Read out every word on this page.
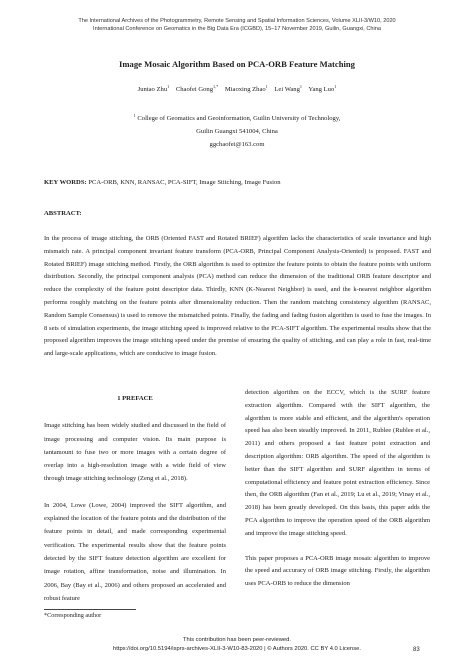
The International Archives of the Photogrammetry, Remote Sensing and Spatial Information Sciences, Volume XLII-3/W10, 2020
International Conference on Geomatics in the Big Data Era (ICGBD), 15–17 November 2019, Guilin, Guangxi, China
Image Mosaic Algorithm Based on PCA-ORB Feature Matching
Juntao Zhu$^1$ Chaofei Gong$^{1,*}$ Miaoxing Zhao$^1$ Lei Wang$^1$ Yang Luo$^1$
$^1$ College of Geomatics and Geoinformation, Guilin University of Technology,
Guilin Guangxi 541004, China
ggchaofei@163.com
KEY WORDS: PCA-ORB, KNN, RANSAC, PCA-SIFT, Image Stitching, Image Fusion
ABSTRACT:

In the process of image stitching, the ORB (Oriented FAST and Rotated BRIEF) algorithm lacks the characteristics of scale invariance and high mismatch rate. A principal component invariant feature transform (PCA-ORB, Principal Component Analysis-Oriented) is proposed. FAST and Rotated BRIEF) image stitching method. Firstly, the ORB algorithm is used to optimize the feature points to obtain the feature points with uniform distribution. Secondly, the principal component analysis (PCA) method can reduce the dimension of the traditional ORB feature descriptor and reduce the complexity of the feature point descriptor data. Thirdly, KNN (K-Nearest Neighbor) is used, and the k-nearest neighbor algorithm performs roughly matching on the feature points after dimensionality reduction. Then the random matching consistency algorithm (RANSAC, Random Sample Consensus) is used to remove the mismatched points. Finally, the fading and fading fusion algorithm is used to fuse the images. In 8 sets of simulation experiments, the image stitching speed is improved relative to the PCA-SIFT algorithm. The experimental results show that the proposed algorithm improves the image stitching speed under the premise of ensuring the quality of stitching, and can play a role in fast, real-time and large-scale applications, which are conducive to image fusion.

1 PREFACE

Image stitching has been widely studied and discussed in the field of image processing and computer vision. Its main purpose is tantamount to fuse two or more images with a certain degree of overlap into a high-resolution image with a wide field of view through image stitching technology (Zeng et al., 2018).

In 2004, Lowe (Lowe, 2004) improved the SIFT algorithm, and explained the location of the feature points and the distribution of the feature points in detail, and made corresponding experimental verification. The experimental results show that the feature points detected by the SIFT feature detection algorithm are excellent for image rotation, affine transformation, noise and illumination. In 2006, Bay (Bay et al., 2006) and others proposed an accelerated and robust feature

detection algorithm on the ECCV, which is the SURF feature extraction algorithm. Compared with the SIFT algorithm, the algorithm is more stable and efficient, and the algorithm's operation speed has also been steadily improved. In 2011, Rublee (Rublee et al., 2011) and others proposed a fast feature point extraction and description algorithm: ORB algorithm. The speed of the algorithm is better than the SIFT algorithm and SURF algorithm in terms of computational efficiency and feature point extraction efficiency. Since then, the ORB algorithm (Fan et al., 2019; Lu et al., 2019; Vinay et al., 2018) has been greatly developed. On this basis, this paper adds the PCA algorithm to improve the operation speed of the ORB algorithm and improve the image stitching speed.

This paper proposes a PCA-ORB image mosaic algorithm to improve the speed and accuracy of ORB image stitching. Firstly, the algorithm uses PCA-ORB to reduce the dimension

*Corresponding author
This contribution has been peer-reviewed.
https://doi.org/10.5194/isprs-archives-XLII-3-W10-83-2020 | © Authors 2020. CC BY 4.0 License.	83
